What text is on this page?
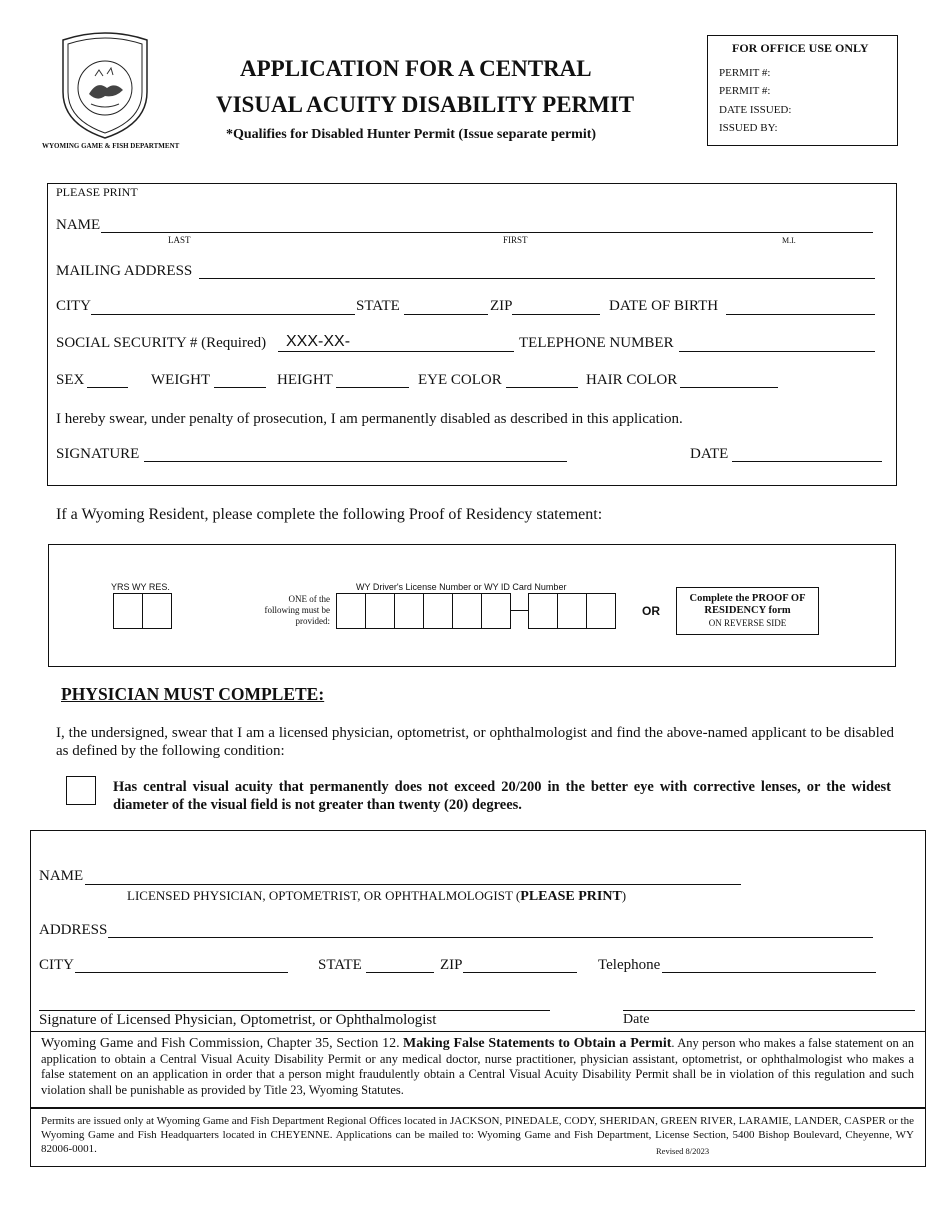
WYOMING GAME & FISH DEPARTMENT
APPLICATION FOR A CENTRAL
VISUAL ACUITY DISABILITY PERMIT
*Qualifies for Disabled Hunter Permit (Issue separate permit)
FOR OFFICE USE ONLY
PERMIT #:
PERMIT #:
DATE ISSUED:
ISSUED BY:
PLEASE PRINT
NAME
LAST	FIRST	M.I.
MAILING ADDRESS
CITY	STATE	ZIP	DATE OF BIRTH
SOCIAL SECURITY # (Required) XXX-XX-	TELEPHONE NUMBER
SEX	WEIGHT	HEIGHT	EYE COLOR	HAIR COLOR
I hereby swear, under penalty of prosecution, I am permanently disabled as described in this application.
SIGNATURE	DATE
If a Wyoming Resident, please complete the following Proof of Residency statement:
YRS WY RES.
ONE of the following must be provided:
WY Driver's License Number or WY ID Card Number
OR
Complete the PROOF OF RESIDENCY form
ON REVERSE SIDE
PHYSICIAN MUST COMPLETE:
I, the undersigned, swear that I am a licensed physician, optometrist, or ophthalmologist and find the above-named applicant to be disabled as defined by the following condition:
Has central visual acuity that permanently does not exceed 20/200 in the better eye with corrective lenses, or the widest diameter of the visual field is not greater than twenty (20) degrees.
NAME
LICENSED PHYSICIAN, OPTOMETRIST, OR OPHTHALMOLOGIST (PLEASE PRINT)
ADDRESS
CITY	STATE	ZIP	Telephone
Signature of Licensed Physician, Optometrist, or Ophthalmologist	Date
Wyoming Game and Fish Commission, Chapter 35, Section 12. Making False Statements to Obtain a Permit. Any person who makes a false statement on an application to obtain a Central Visual Acuity Disability Permit or any medical doctor, nurse practitioner, physician assistant, optometrist, or ophthalmologist who makes a false statement on an application in order that a person might fraudulently obtain a Central Visual Acuity Disability Permit shall be in violation of this regulation and such violation shall be punishable as provided by Title 23, Wyoming Statutes.
Permits are issued only at Wyoming Game and Fish Department Regional Offices located in JACKSON, PINEDALE, CODY, SHERIDAN, GREEN RIVER, LARAMIE, LANDER, CASPER or the Wyoming Game and Fish Headquarters located in CHEYENNE. Applications can be mailed to: Wyoming Game and Fish Department, License Section, 5400 Bishop Boulevard, Cheyenne, WY 82006-0001.	Revised 8/2023
